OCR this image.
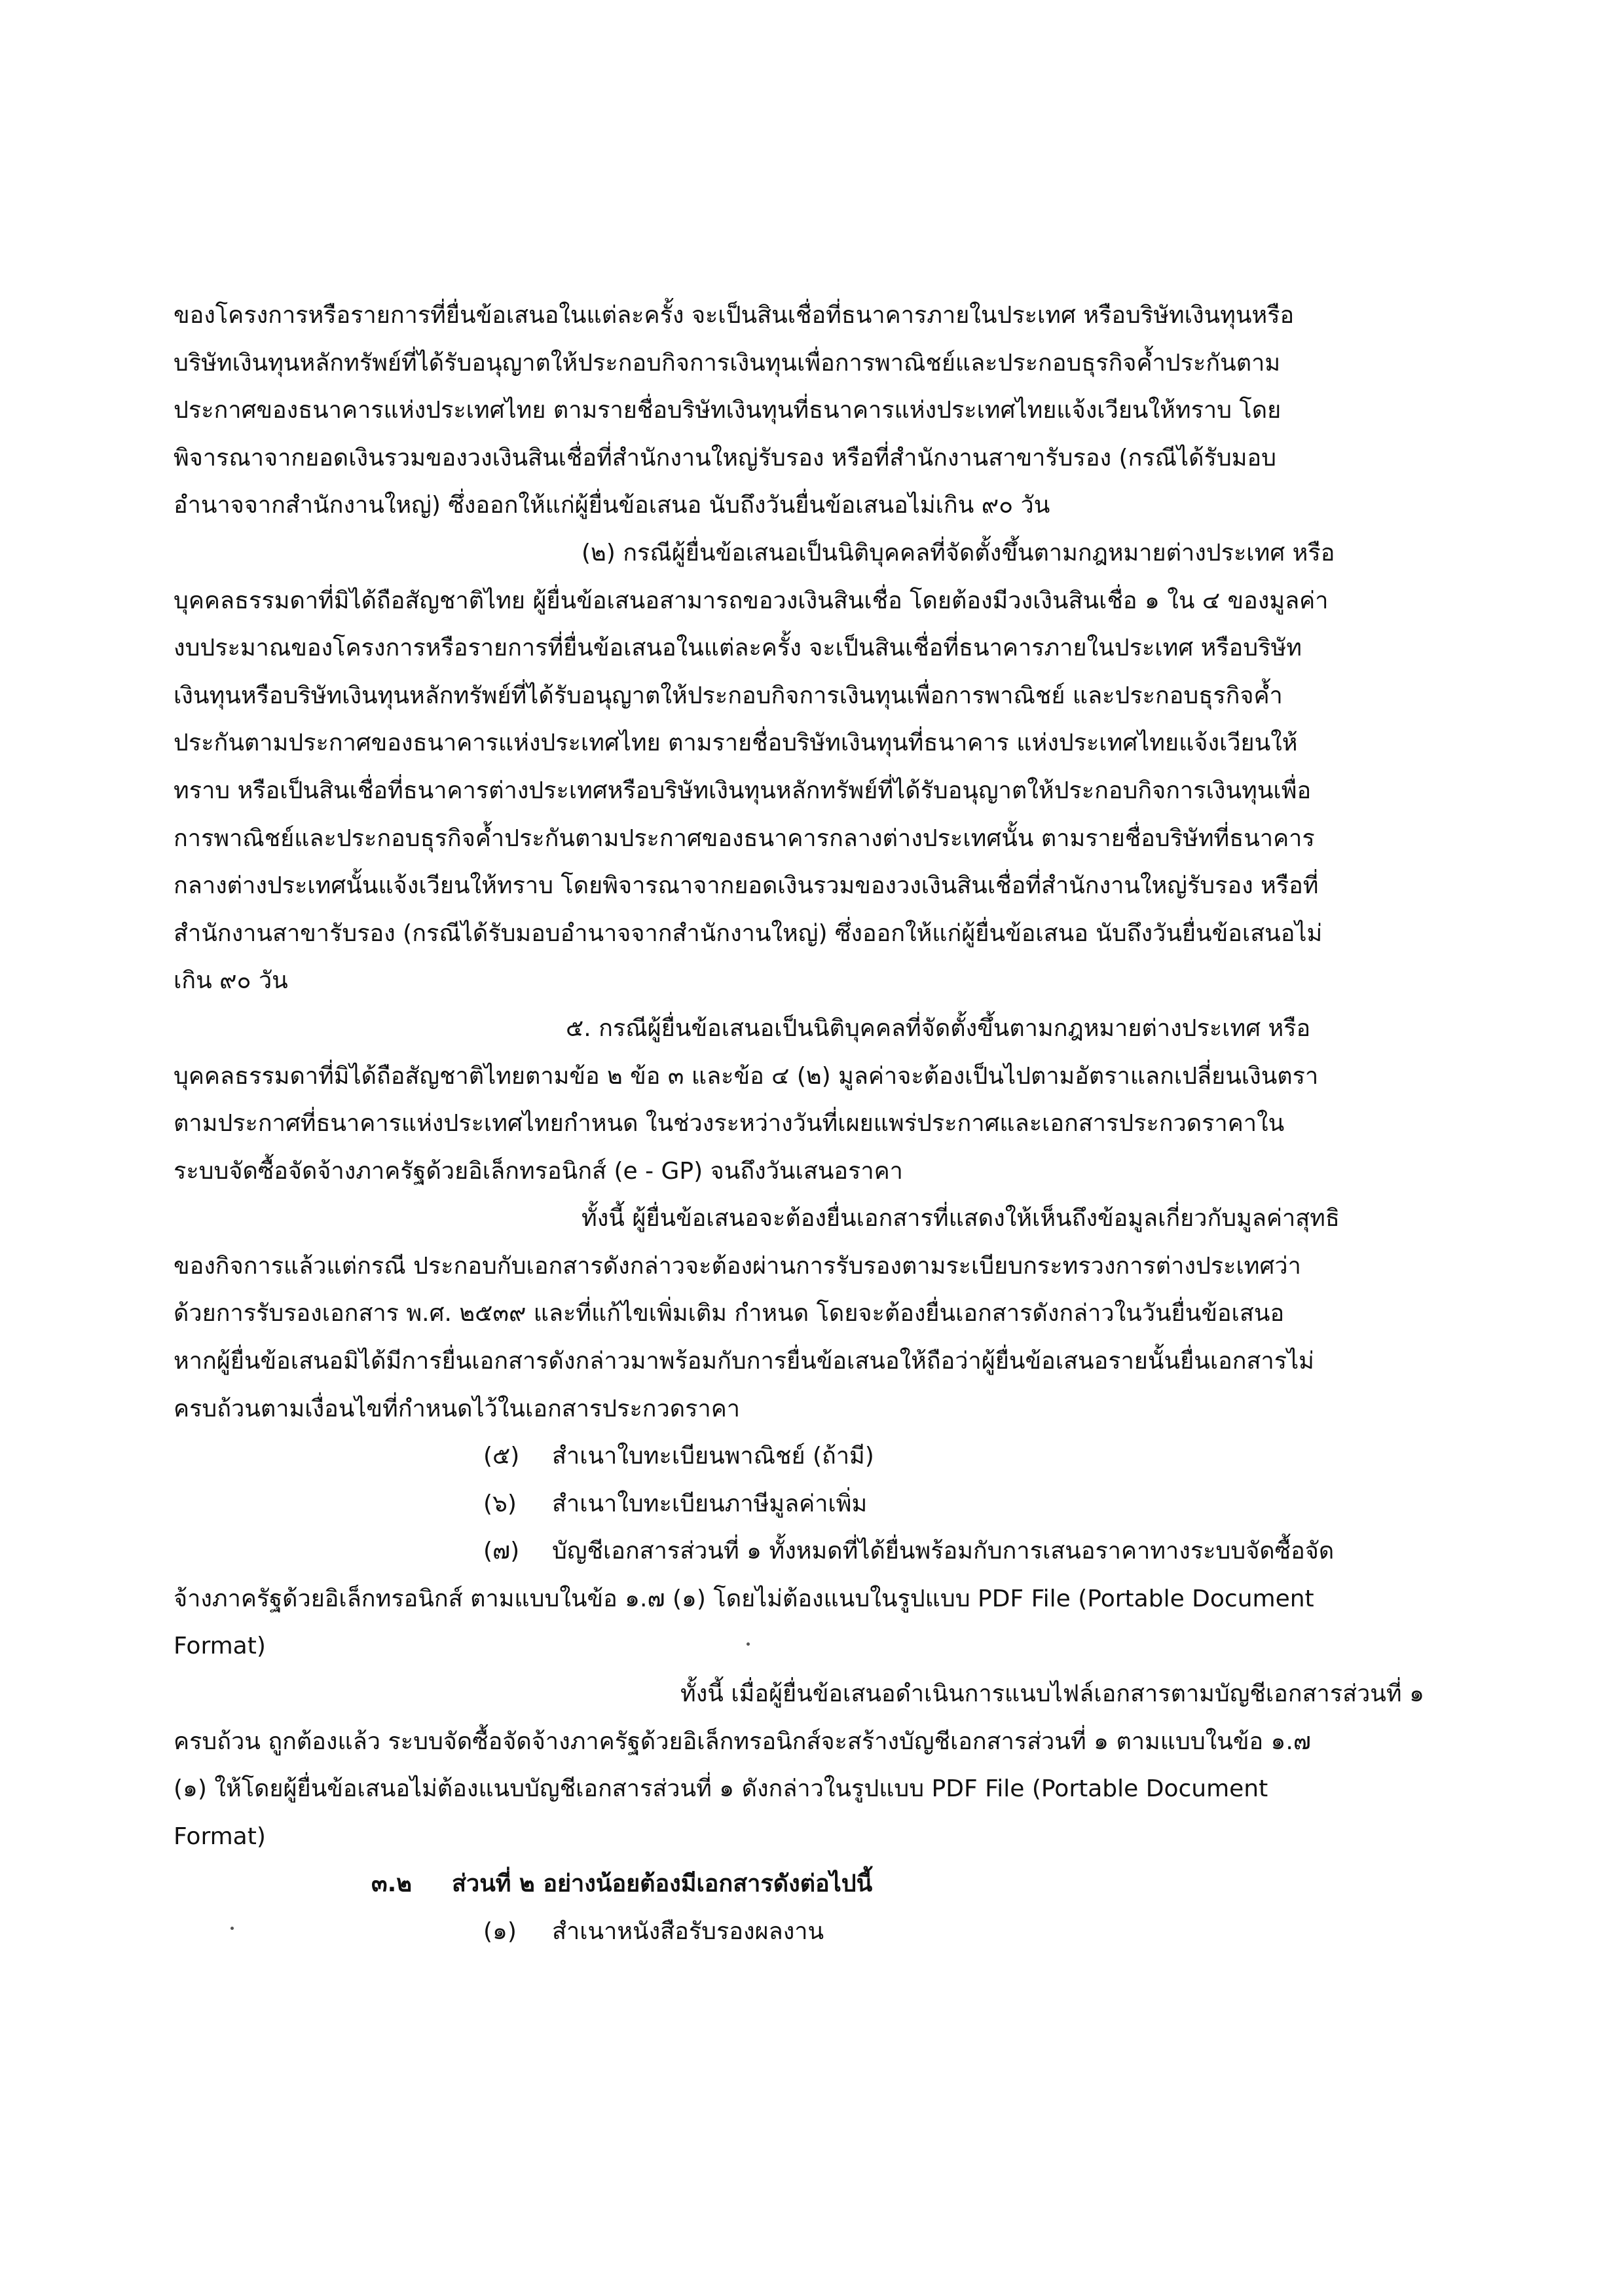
ของโครงการหรือรายการที่ยื่นข้อเสนอในแต่ละครั้ง จะเป็นสินเชื่อที่ธนาคารภายในประเทศ หรือบริษัทเงินทุนหรือ
บริษัทเงินทุนหลักทรัพย์ที่ได้รับอนุญาตให้ประกอบกิจการเงินทุนเพื่อการพาณิชย์และประกอบธุรกิจค้ำประกันตาม
ประกาศของธนาคารแห่งประเทศไทย ตามรายชื่อบริษัทเงินทุนที่ธนาคารแห่งประเทศไทยแจ้งเวียนให้ทราบ โดย
พิจารณาจากยอดเงินรวมของวงเงินสินเชื่อที่สำนักงานใหญ่รับรอง หรือที่สำนักงานสาขารับรอง (กรณีได้รับมอบ
อำนาจจากสำนักงานใหญ่) ซึ่งออกให้แก่ผู้ยื่นข้อเสนอ นับถึงวันยื่นข้อเสนอไม่เกิน ๙๐ วัน
(๒) กรณีผู้ยื่นข้อเสนอเป็นนิติบุคคลที่จัดตั้งขึ้นตามกฎหมายต่างประเทศ หรือ
บุคคลธรรมดาที่มิได้ถือสัญชาติไทย ผู้ยื่นข้อเสนอสามารถขอวงเงินสินเชื่อ โดยต้องมีวงเงินสินเชื่อ ๑ ใน ๔ ของมูลค่า
งบประมาณของโครงการหรือรายการที่ยื่นข้อเสนอในแต่ละครั้ง จะเป็นสินเชื่อที่ธนาคารภายในประเทศ หรือบริษัท
เงินทุนหรือบริษัทเงินทุนหลักทรัพย์ที่ได้รับอนุญาตให้ประกอบกิจการเงินทุนเพื่อการพาณิชย์ และประกอบธุรกิจค้ำ
ประกันตามประกาศของธนาคารแห่งประเทศไทย ตามรายชื่อบริษัทเงินทุนที่ธนาคาร แห่งประเทศไทยแจ้งเวียนให้
ทราบ หรือเป็นสินเชื่อที่ธนาคารต่างประเทศหรือบริษัทเงินทุนหลักทรัพย์ที่ได้รับอนุญาตให้ประกอบกิจการเงินทุนเพื่อ
การพาณิชย์และประกอบธุรกิจค้ำประกันตามประกาศของธนาคารกลางต่างประเทศนั้น ตามรายชื่อบริษัทที่ธนาคาร
กลางต่างประเทศนั้นแจ้งเวียนให้ทราบ โดยพิจารณาจากยอดเงินรวมของวงเงินสินเชื่อที่สำนักงานใหญ่รับรอง หรือที่
สำนักงานสาขารับรอง (กรณีได้รับมอบอำนาจจากสำนักงานใหญ่) ซึ่งออกให้แก่ผู้ยื่นข้อเสนอ นับถึงวันยื่นข้อเสนอไม่
เกิน ๙๐ วัน
๕. กรณีผู้ยื่นข้อเสนอเป็นนิติบุคคลที่จัดตั้งขึ้นตามกฎหมายต่างประเทศ หรือ
บุคคลธรรมดาที่มิได้ถือสัญชาติไทยตามข้อ ๒ ข้อ ๓ และข้อ ๔ (๒) มูลค่าจะต้องเป็นไปตามอัตราแลกเปลี่ยนเงินตรา
ตามประกาศที่ธนาคารแห่งประเทศไทยกำหนด ในช่วงระหว่างวันที่เผยแพร่ประกาศและเอกสารประกวดราคาใน
ระบบจัดซื้อจัดจ้างภาครัฐด้วยอิเล็กทรอนิกส์ (e - GP) จนถึงวันเสนอราคา
ทั้งนี้ ผู้ยื่นข้อเสนอจะต้องยื่นเอกสารที่แสดงให้เห็นถึงข้อมูลเกี่ยวกับมูลค่าสุทธิ
ของกิจการแล้วแต่กรณี ประกอบกับเอกสารดังกล่าวจะต้องผ่านการรับรองตามระเบียบกระทรวงการต่างประเทศว่า
ด้วยการรับรองเอกสาร พ.ศ. ๒๕๓๙ และที่แก้ไขเพิ่มเติม กำหนด โดยจะต้องยื่นเอกสารดังกล่าวในวันยื่นข้อเสนอ
หากผู้ยื่นข้อเสนอมิได้มีการยื่นเอกสารดังกล่าวมาพร้อมกับการยื่นข้อเสนอให้ถือว่าผู้ยื่นข้อเสนอรายนั้นยื่นเอกสารไม่
ครบถ้วนตามเงื่อนไขที่กำหนดไว้ในเอกสารประกวดราคา
(๕) สำเนาใบทะเบียนพาณิชย์ (ถ้ามี)
(๖) สำเนาใบทะเบียนภาษีมูลค่าเพิ่ม
(๗) บัญชีเอกสารส่วนที่ ๑ ทั้งหมดที่ได้ยื่นพร้อมกับการเสนอราคาทางระบบจัดซื้อจัด
จ้างภาครัฐด้วยอิเล็กทรอนิกส์ ตามแบบในข้อ ๑.๗ (๑) โดยไม่ต้องแนบในรูปแบบ PDF File (Portable Document
Format)
ทั้งนี้ เมื่อผู้ยื่นข้อเสนอดำเนินการแนบไฟล์เอกสารตามบัญชีเอกสารส่วนที่ ๑
ครบถ้วน ถูกต้องแล้ว ระบบจัดซื้อจัดจ้างภาครัฐด้วยอิเล็กทรอนิกส์จะสร้างบัญชีเอกสารส่วนที่ ๑ ตามแบบในข้อ ๑.๗
(๑) ให้โดยผู้ยื่นข้อเสนอไม่ต้องแนบบัญชีเอกสารส่วนที่ ๑ ดังกล่าวในรูปแบบ PDF File (Portable Document
Format)
๓.๒ ส่วนที่ ๒ อย่างน้อยต้องมีเอกสารดังต่อไปนี้
(๑) สำเนาหนังสือรับรองผลงาน
